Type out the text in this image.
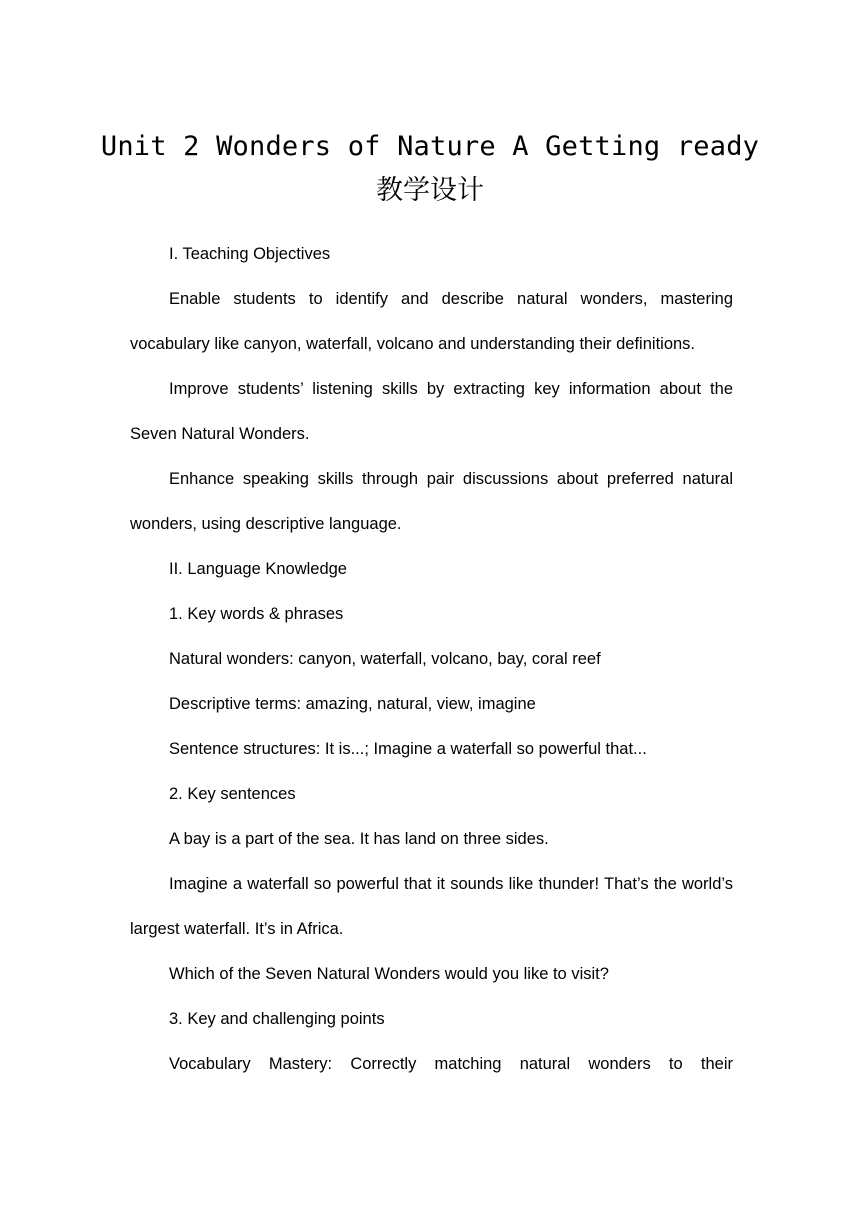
Unit 2 Wonders of Nature A Getting ready
教学设计

I. Teaching Objectives

Enable students to identify and describe natural wonders, mastering vocabulary like canyon, waterfall, volcano and understanding their definitions.

Improve students’ listening skills by extracting key information about the Seven Natural Wonders.

Enhance speaking skills through pair discussions about preferred natural wonders, using descriptive language.

II. Language Knowledge

1. Key words & phrases

Natural wonders: canyon, waterfall, volcano, bay, coral reef

Descriptive terms: amazing, natural, view, imagine

Sentence structures: It is...; Imagine a waterfall so powerful that...

2. Key sentences

A bay is a part of the sea. It has land on three sides.

Imagine a waterfall so powerful that it sounds like thunder! That’s the world’s largest waterfall. It’s in Africa.

Which of the Seven Natural Wonders would you like to visit?

3. Key and challenging points

Vocabulary Mastery: Correctly matching natural wonders to their
